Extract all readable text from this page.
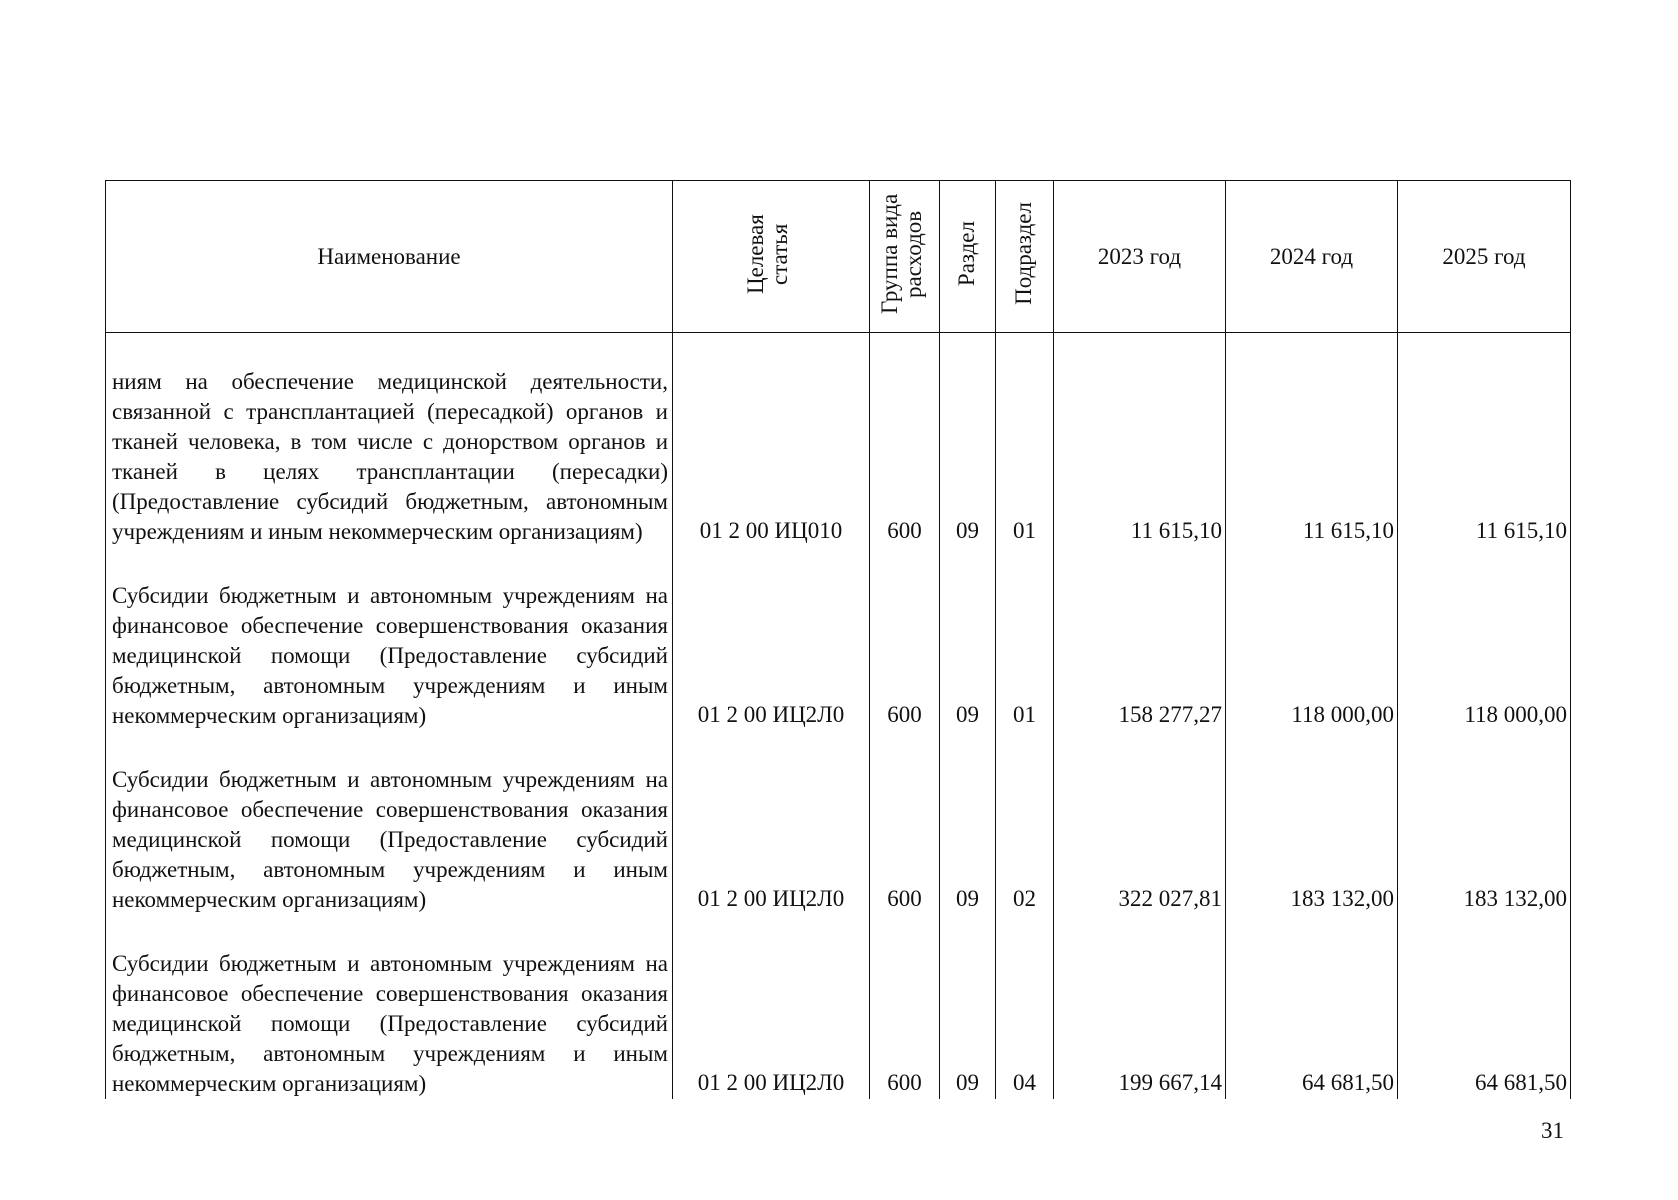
Наименование	Целевая статья	Группа вида расходов	Раздел	Подраздел	2023 год	2024 год	2025 год
ниям на обеспечение медицинской деятельности, связанной с трансплантацией (пересадкой) органов и тканей человека, в том числе с донорством органов и тканей в целях трансплантации (пересадки) (Предоставление субсидий бюджетным, автономным учреждениям и иным некоммерческим организациям)	01 2 00 ИЦ010	600	09	01	11 615,10	11 615,10	11 615,10
Субсидии бюджетным и автономным учреждениям на финансовое обеспечение совершенствования оказания медицинской помощи (Предоставление субсидий бюджетным, автономным учреждениям и иным некоммерческим организациям)	01 2 00 ИЦ2Л0	600	09	01	158 277,27	118 000,00	118 000,00
Субсидии бюджетным и автономным учреждениям на финансовое обеспечение совершенствования оказания медицинской помощи (Предоставление субсидий бюджетным, автономным учреждениям и иным некоммерческим организациям)	01 2 00 ИЦ2Л0	600	09	02	322 027,81	183 132,00	183 132,00
Субсидии бюджетным и автономным учреждениям на финансовое обеспечение совершенствования оказания медицинской помощи (Предоставление субсидий бюджетным, автономным учреждениям и иным некоммерческим организациям)	01 2 00 ИЦ2Л0	600	09	04	199 667,14	64 681,50	64 681,50
31
